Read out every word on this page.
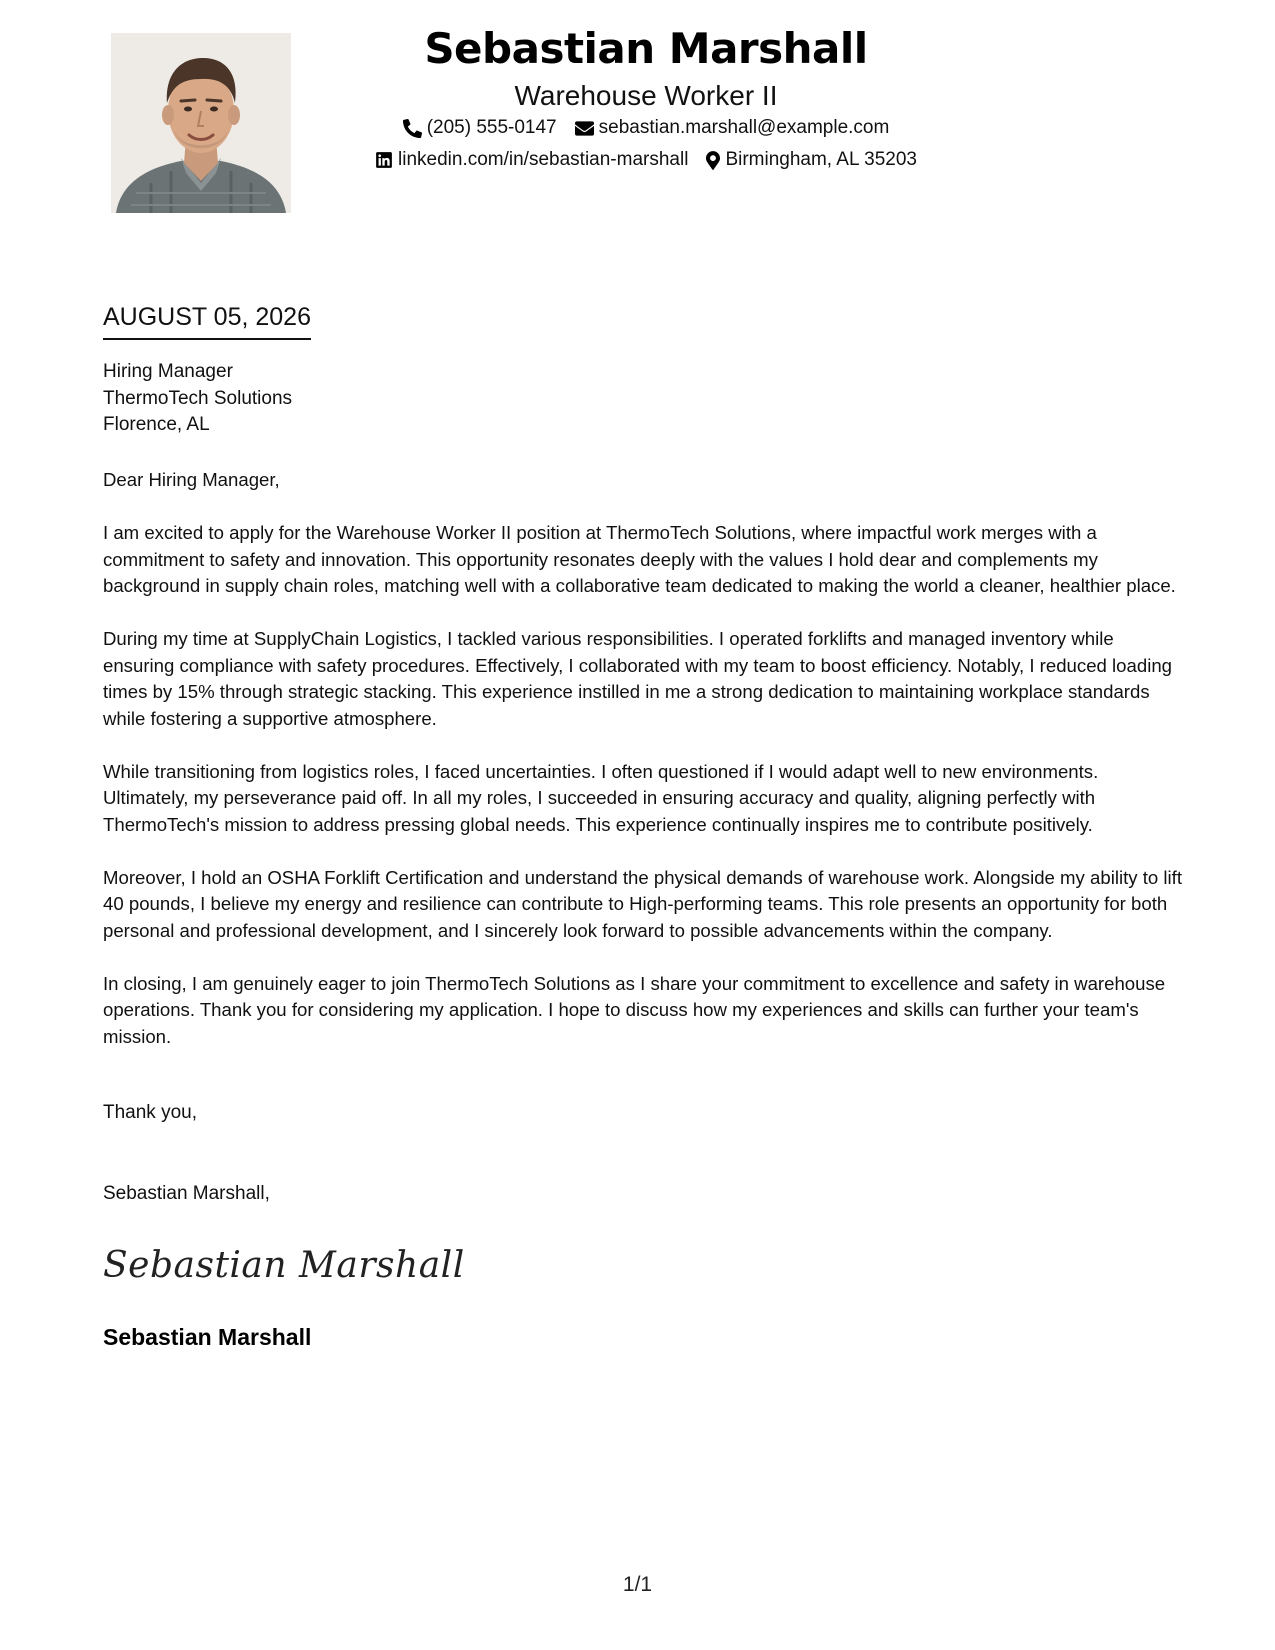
Sebastian Marshall
Warehouse Worker II
(205) 555-0147 sebastian.marshall@example.com
linkedin.com/in/sebastian-marshall Birmingham, AL 35203
AUGUST 05, 2026
Hiring Manager
ThermoTech Solutions
Florence, AL

Dear Hiring Manager,

I am excited to apply for the Warehouse Worker II position at ThermoTech Solutions, where impactful work merges with a commitment to safety and innovation. This opportunity resonates deeply with the values I hold dear and complements my background in supply chain roles, matching well with a collaborative team dedicated to making the world a cleaner, healthier place.

During my time at SupplyChain Logistics, I tackled various responsibilities. I operated forklifts and managed inventory while ensuring compliance with safety procedures. Effectively, I collaborated with my team to boost efficiency. Notably, I reduced loading times by 15% through strategic stacking. This experience instilled in me a strong dedication to maintaining workplace standards while fostering a supportive atmosphere.

While transitioning from logistics roles, I faced uncertainties. I often questioned if I would adapt well to new environments. Ultimately, my perseverance paid off. In all my roles, I succeeded in ensuring accuracy and quality, aligning perfectly with ThermoTech's mission to address pressing global needs. This experience continually inspires me to contribute positively.

Moreover, I hold an OSHA Forklift Certification and understand the physical demands of warehouse work. Alongside my ability to lift 40 pounds, I believe my energy and resilience can contribute to High-performing teams. This role presents an opportunity for both personal and professional development, and I sincerely look forward to possible advancements within the company.

In closing, I am genuinely eager to join ThermoTech Solutions as I share your commitment to excellence and safety in warehouse operations. Thank you for considering my application. I hope to discuss how my experiences and skills can further your team's mission.

Thank you,
Sebastian Marshall,
Sebastian Marshall
Sebastian Marshall
1/1
